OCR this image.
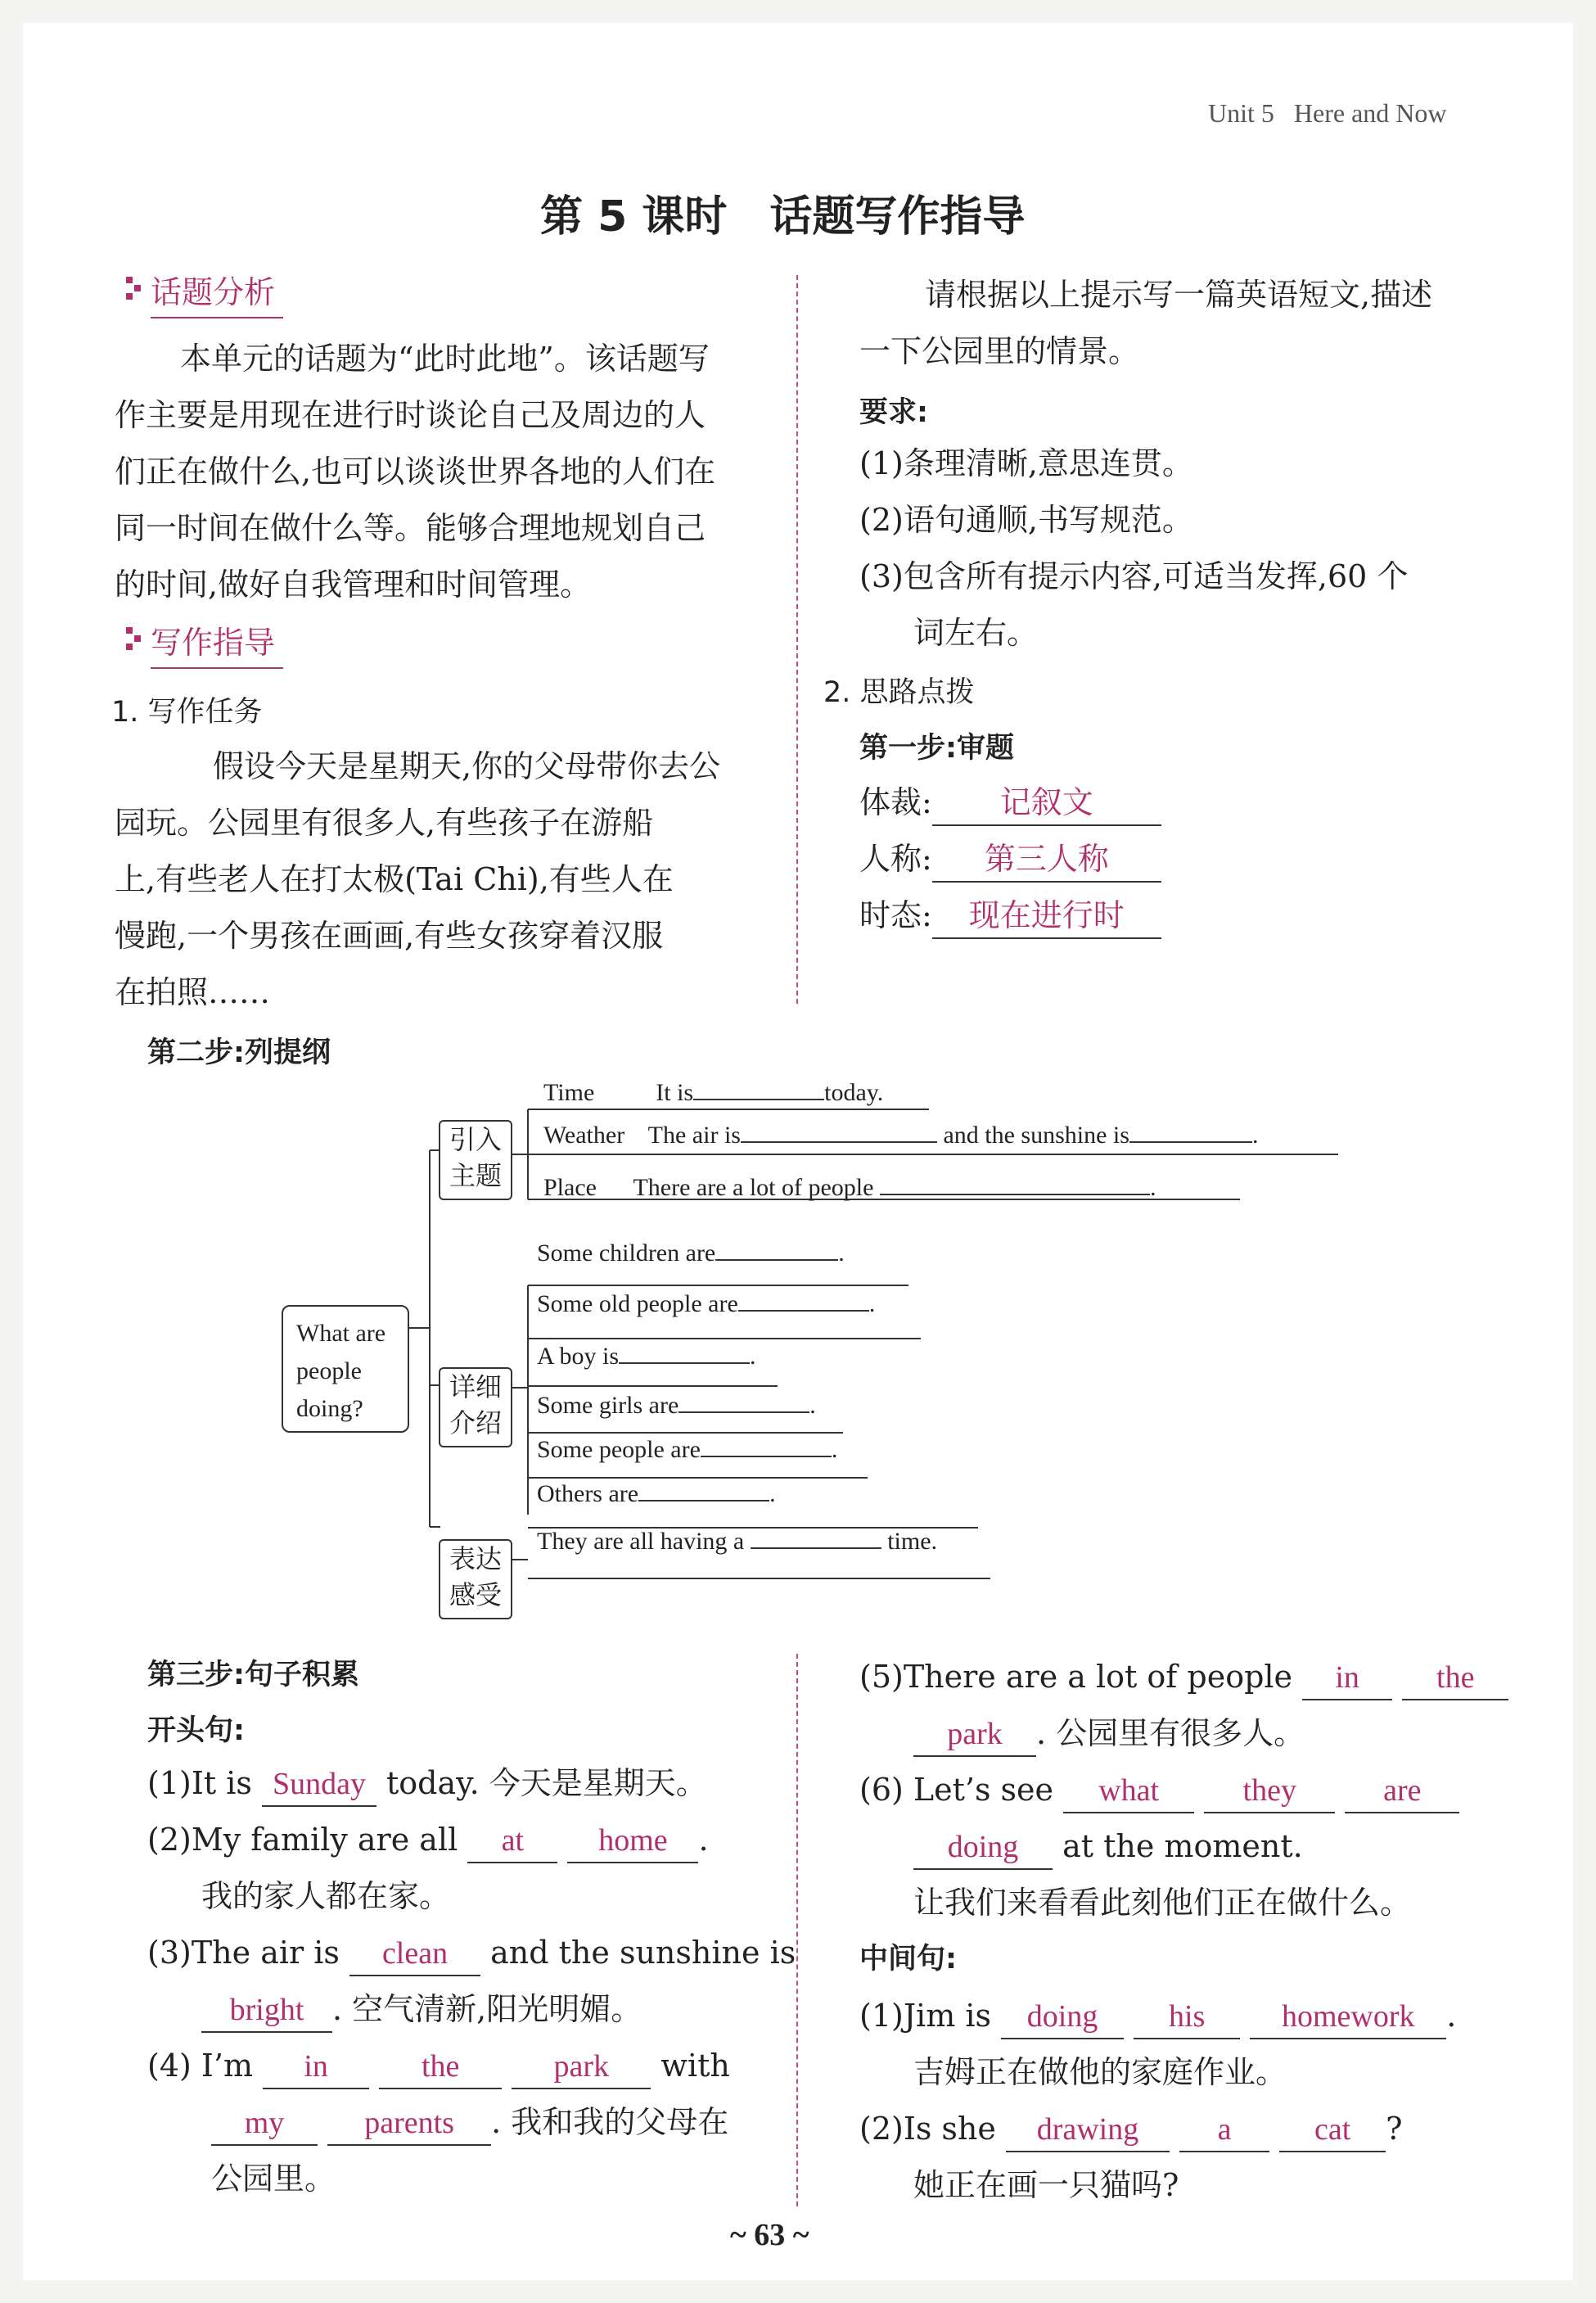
Unit 5 Here and Now
第 5 课时　话题写作指导
话题分析
本单元的话题为“此时此地”。该话题写
作主要是用现在进行时谈论自己及周边的人
们正在做什么,也可以谈谈世界各地的人们在
同一时间在做什么等。能够合理地规划自己
的时间,做好自我管理和时间管理。
写作指导
1. 写作任务
假设今天是星期天,你的父母带你去公
园玩。公园里有很多人,有些孩子在游船
上,有些老人在打太极(Tai Chi),有些人在
慢跑,一个男孩在画画,有些女孩穿着汉服
在拍照……
请根据以上提示写一篇英语短文,描述
一下公园里的情景。
要求:
(1)条理清晰,意思连贯。
(2)语句通顺,书写规范。
(3)包含所有提示内容,可适当发挥,60 个
词左右。
2. 思路点拨
第一步:审题
体裁: 记叙文
人称: 第三人称
时态: 现在进行时
第二步:列提纲
What are
people
doing?
引入
主题
详细
介绍
表达
感受
Time	It is	today.
Weather The air is	and the sunshine is	.
Place There are a lot of people	.
Some children are	.
Some old people are	.
A boy is	.
Some girls are	.
Some people are	.
Others are	.
They are all having a	time.
第三步:句子积累
开头句:
(1)It is Sunday today. 今天是星期天。
(2)My family are all at home .
我的家人都在家。
(3)The air is clean and the sunshine is
bright . 空气清新,阳光明媚。
(4) I’m in	the	park with
my	parents . 我和我的父母在
公园里。
(5)There are a lot of people in the
park . 公园里有很多人。
(6) Let’s see what	they	are
doing at the moment.
让我们来看看此刻他们正在做什么。
中间句:
(1)Jim is doing his homework .
吉姆正在做他的家庭作业。
(2)Is she drawing	a	cat ?
她正在画一只猫吗?
~ 63 ~
